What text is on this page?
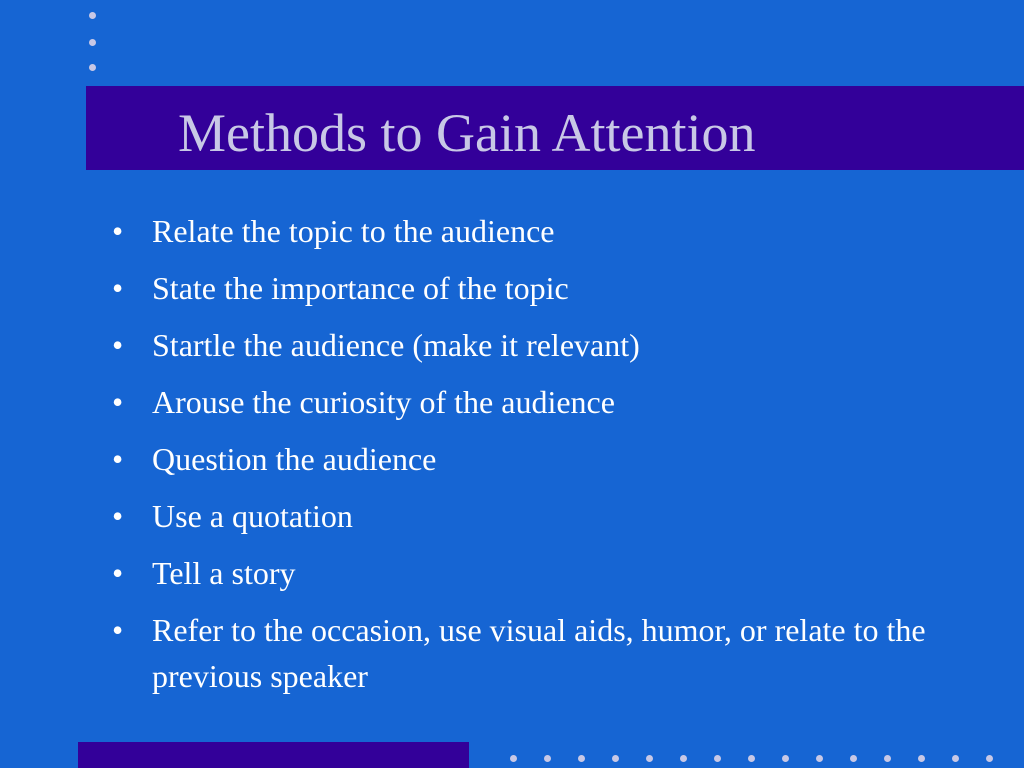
Methods to Gain Attention
• Relate the topic to the audience
• State the importance of the topic
• Startle the audience (make it relevant)
• Arouse the curiosity of the audience
• Question the audience
• Use a quotation
• Tell a story
• Refer to the occasion, use visual aids, humor, or relate to the previous speaker
